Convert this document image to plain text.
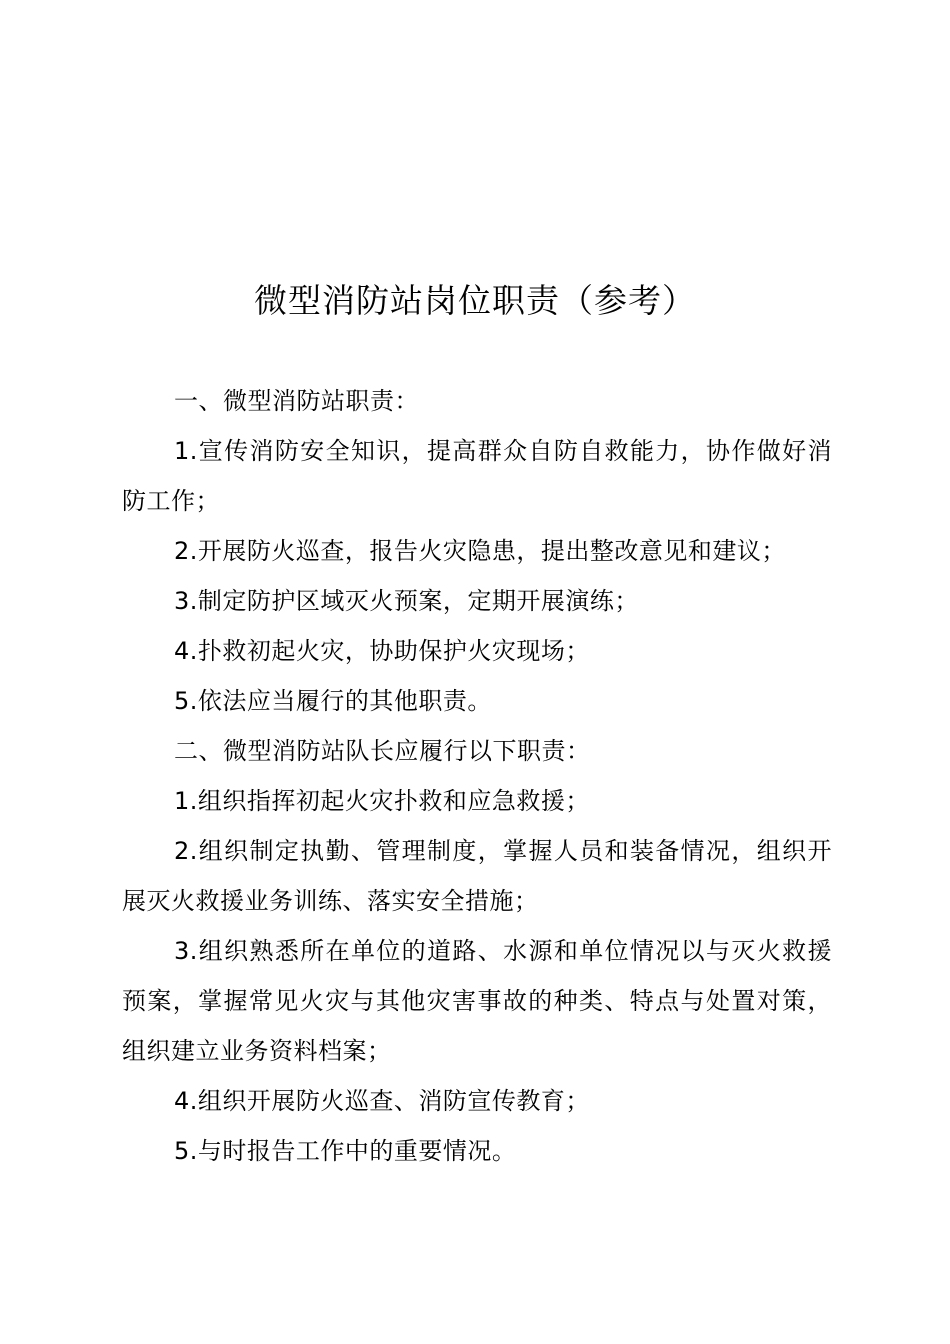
微型消防站岗位职责（参考）

一、微型消防站职责：

1.宣传消防安全知识，提高群众自防自救能力，协作做好消防工作；

2.开展防火巡查，报告火灾隐患，提出整改意见和建议；

3.制定防护区域灭火预案，定期开展演练；

4.扑救初起火灾，协助保护火灾现场；

5.依法应当履行的其他职责。

二、微型消防站队长应履行以下职责：

1.组织指挥初起火灾扑救和应急救援；

2.组织制定执勤、管理制度，掌握人员和装备情况，组织开展灭火救援业务训练、落实安全措施；

3.组织熟悉所在单位的道路、水源和单位情况以与灭火救援预案，掌握常见火灾与其他灾害事故的种类、特点与处置对策，组织建立业务资料档案；

4.组织开展防火巡查、消防宣传教育；

5.与时报告工作中的重要情况。
